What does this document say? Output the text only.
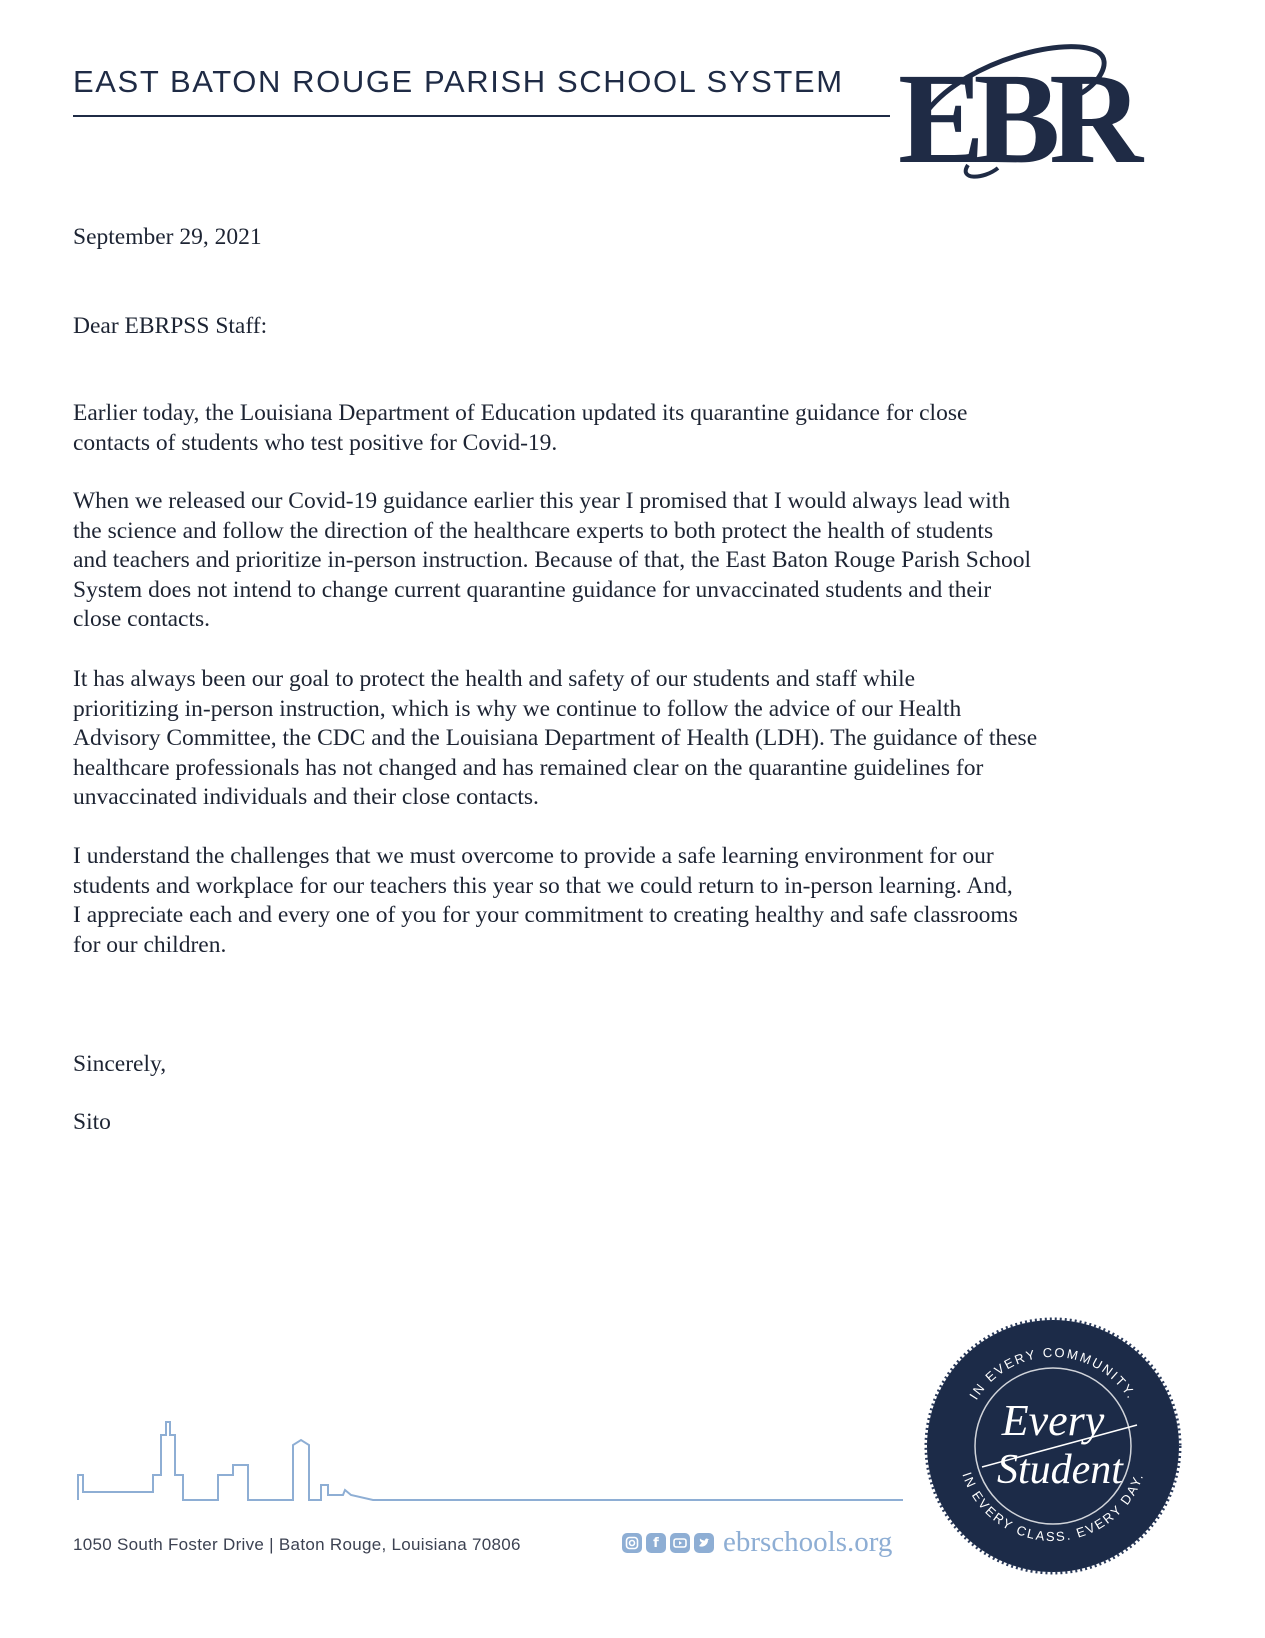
EAST BATON ROUGE PARISH SCHOOL SYSTEM EBR
September 29, 2021
Dear EBRPSS Staff:
Earlier today, the Louisiana Department of Education updated its quarantine guidance for close
contacts of students who test positive for Covid-19.
When we released our Covid-19 guidance earlier this year I promised that I would always lead with
the science and follow the direction of the healthcare experts to both protect the health of students
and teachers and prioritize in-person instruction. Because of that, the East Baton Rouge Parish School
System does not intend to change current quarantine guidance for unvaccinated students and their
close contacts.
It has always been our goal to protect the health and safety of our students and staff while
prioritizing in-person instruction, which is why we continue to follow the advice of our Health
Advisory Committee, the CDC and the Louisiana Department of Health (LDH). The guidance of these
healthcare professionals has not changed and has remained clear on the quarantine guidelines for
unvaccinated individuals and their close contacts.
I understand the challenges that we must overcome to provide a safe learning environment for our
students and workplace for our teachers this year so that we could return to in-person learning. And,
I appreciate each and every one of you for your commitment to creating healthy and safe classrooms
for our children.
Sincerely,
Sito
1050 South Foster Drive | Baton Rouge, Louisiana 70806	f ebrschools.org
IN EVERY COMMUNITY.
IN EVERY CLASS. EVERY DAY.
Every
Student
